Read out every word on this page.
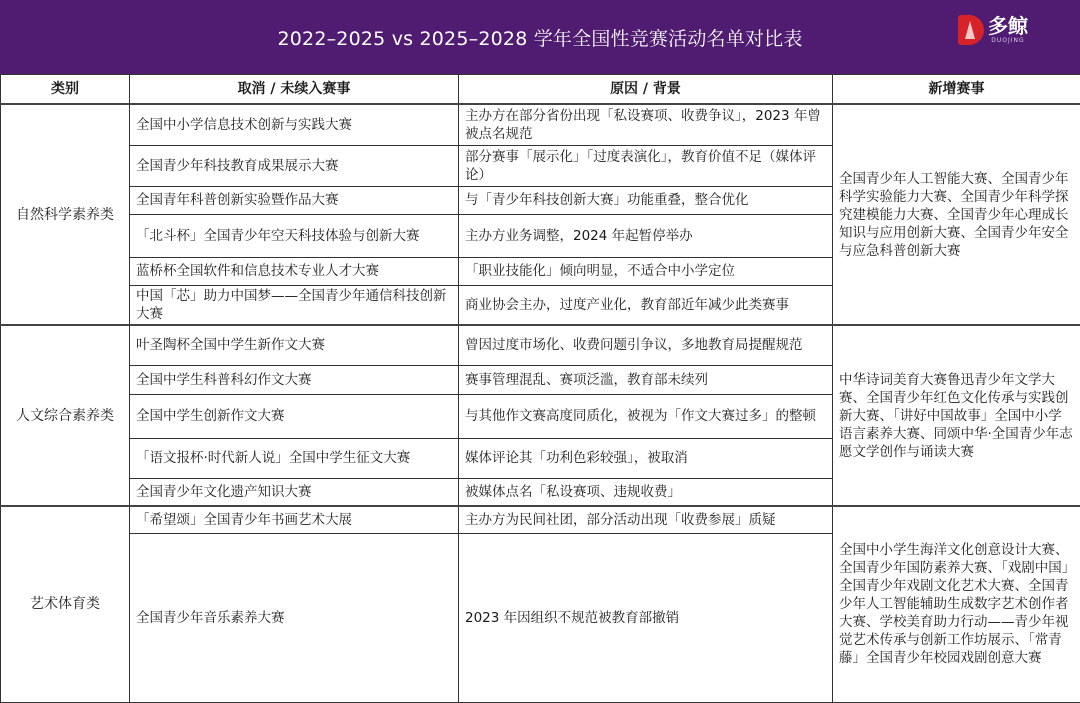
2022–2025 vs 2025–2028 学年全国性竞赛活动名单对比表
多鲸
DUOJING
类别	取消 / 未续入赛事	原因 / 背景	新增赛事
自然科学素养类	全国中小学信息技术创新与实践大赛	主办方在部分省份出现「私设赛项、收费争议」，2023 年曾被点名规范	全国青少年人工智能大赛、全国青少年科学实验能力大赛、全国青少年科学探究建模能力大赛、全国青少年心理成长知识与应用创新大赛、全国青少年安全与应急科普创新大赛
	全国青少年科技教育成果展示大赛	部分赛事「展示化」「过度表演化」，教育价值不足（媒体评论）	
	全国青年科普创新实验暨作品大赛	与「青少年科技创新大赛」功能重叠，整合优化	
	「北斗杯」全国青少年空天科技体验与创新大赛	主办方业务调整，2024 年起暂停举办	
	蓝桥杯全国软件和信息技术专业人才大赛	「职业技能化」倾向明显，不适合中小学定位	
	中国「芯」助力中国梦——全国青少年通信科技创新大赛	商业协会主办，过度产业化，教育部近年减少此类赛事	
人文综合素养类	叶圣陶杯全国中学生新作文大赛	曾因过度市场化、收费问题引争议，多地教育局提醒规范	中华诗词美育大赛鲁迅青少年文学大赛、全国青少年红色文化传承与实践创新大赛、「讲好中国故事」全国中小学语言素养大赛、同颂中华·全国青少年志愿文学创作与诵读大赛
	全国中学生科普科幻作文大赛	赛事管理混乱、赛项泛滥，教育部未续列	
	全国中学生创新作文大赛	与其他作文赛高度同质化，被视为「作文大赛过多」的整顿	
	「语文报杯·时代新人说」全国中学生征文大赛	媒体评论其「功利色彩较强」，被取消	
	全国青少年文化遗产知识大赛	被媒体点名「私设赛项、违规收费」	
艺术体育类	「希望颂」全国青少年书画艺术大展	主办方为民间社团，部分活动出现「收费参展」质疑	全国中小学生海洋文化创意设计大赛、全国青少年国防素养大赛、「戏剧中国」全国青少年戏剧文化艺术大赛、全国青少年人工智能辅助生成数字艺术创作者大赛、学校美育助力行动——青少年视觉艺术传承与创新工作坊展示、「常青藤」全国青少年校园戏剧创意大赛
	全国青少年音乐素养大赛	2023 年因组织不规范被教育部撤销	
